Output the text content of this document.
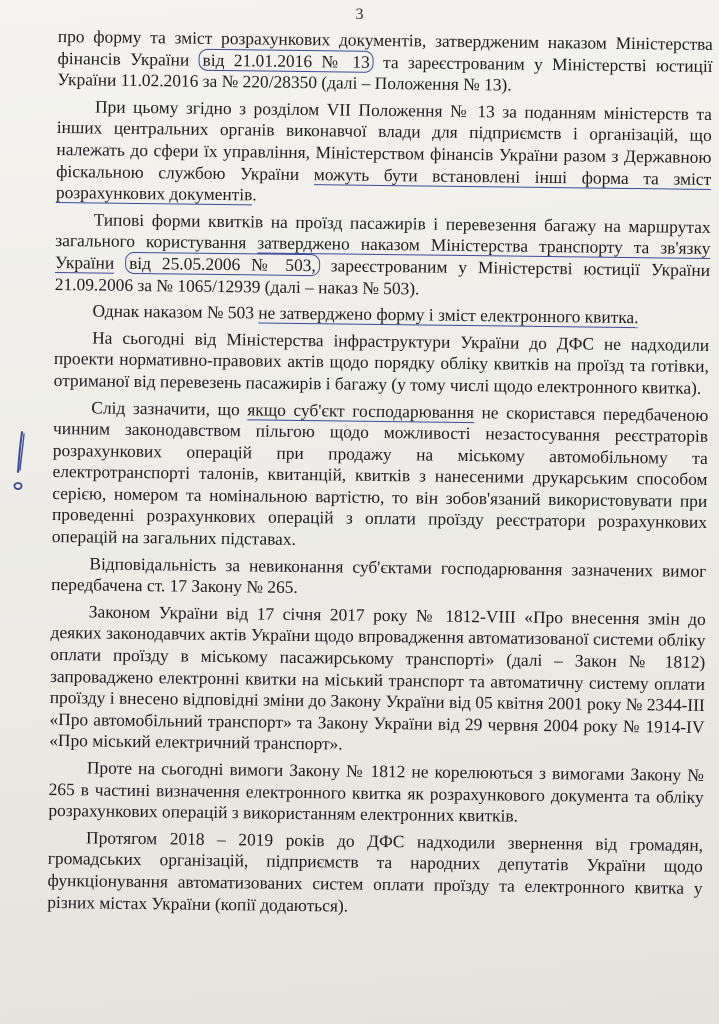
3

про форму та зміст розрахункових документів, затвердженим наказом Міністерства фінансів України від 21.01.2016 № 13 та зареєстрованим у Міністерстві юстиції України 11.02.2016 за № 220/28350 (далі – Положення № 13).

При цьому згідно з розділом VII Положення № 13 за поданням міністерств та інших центральних органів виконавчої влади для підприємств і організацій, що належать до сфери їх управління, Міністерством фінансів України разом з Державною фіскальною службою України можуть бути встановлені інші форма та зміст розрахункових документів.

Типові форми квитків на проїзд пасажирів і перевезення багажу на маршрутах загального користування затверджено наказом Міністерства транспорту та зв'язку України від 25.05.2006 № 503, зареєстрованим у Міністерстві юстиції України 21.09.2006 за № 1065/12939 (далі – наказ № 503).

Однак наказом № 503 не затверджено форму і зміст електронного квитка.

На сьогодні від Міністерства інфраструктури України до ДФС не надходили проекти нормативно-правових актів щодо порядку обліку квитків на проїзд та готівки, отриманої від перевезень пасажирів і багажу (у тому числі щодо електронного квитка).

Слід зазначити, що якщо суб'єкт господарювання не скористався передбаченою чинним законодавством пільгою щодо можливості незастосування реєстраторів розрахункових операцій при продажу на міському автомобільному та електротранспорті талонів, квитанцій, квитків з нанесеними друкарським способом серією, номером та номінальною вартістю, то він зобов'язаний використовувати при проведенні розрахункових операцій з оплати проїзду реєстратори розрахункових операцій на загальних підставах.

Відповідальність за невиконання суб'єктами господарювання зазначених вимог передбачена ст. 17 Закону № 265.

Законом України від 17 січня 2017 року № 1812-VIII «Про внесення змін до деяких законодавчих актів України щодо впровадження автоматизованої системи обліку оплати проїзду в міському пасажирському транспорті» (далі – Закон № 1812) запроваджено електронні квитки на міський транспорт та автоматичну систему оплати проїзду і внесено відповідні зміни до Закону України від 05 квітня 2001 року № 2344-III «Про автомобільний транспорт» та Закону України від 29 червня 2004 року № 1914-IV «Про міський електричний транспорт».

Проте на сьогодні вимоги Закону № 1812 не корелюються з вимогами Закону № 265 в частині визначення електронного квитка як розрахункового документа та обліку розрахункових операцій з використанням електронних квитків.

Протягом 2018 – 2019 років до ДФС надходили звернення від громадян, громадських організацій, підприємств та народних депутатів України щодо функціонування автоматизованих систем оплати проїзду та електронного квитка у різних містах України (копії додаються).
